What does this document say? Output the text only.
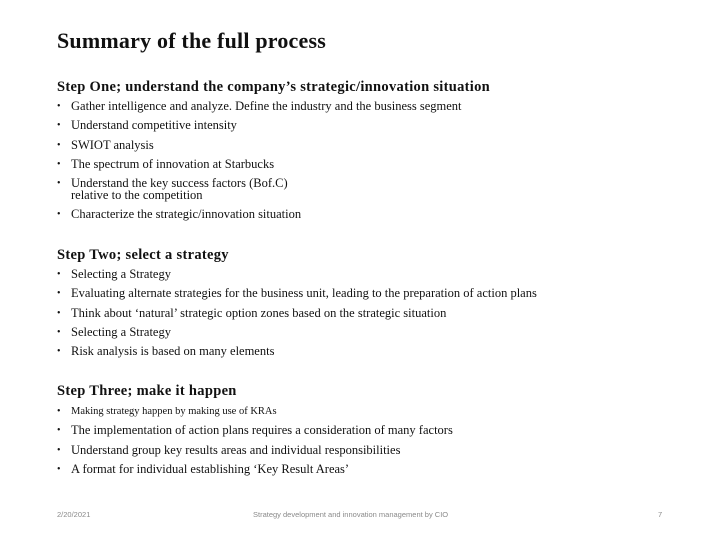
Summary of the full process
Step One; understand the company’s strategic/innovation situation
• Gather intelligence and analyze. Define the industry and the business segment
• Understand competitive intensity
• SWIOT analysis
• The spectrum of innovation at Starbucks
• Understand the key success factors (Bof.C)
relative to the competition
• Characterize the strategic/innovation situation
Step Two; select a strategy
• Selecting a Strategy
• Evaluating alternate strategies for the business unit, leading to the preparation of action plans
• Think about ‘natural’ strategic option zones based on the strategic situation
• Selecting a Strategy
• Risk analysis is based on many elements
Step Three; make it happen
• Making strategy happen by making use of KRAs
• The implementation of action plans requires a consideration of many factors
• Understand group key results areas and individual responsibilities
• A format for individual establishing ‘Key Result Areas’
2/20/2021	Strategy development and innovation management by CIO	7
